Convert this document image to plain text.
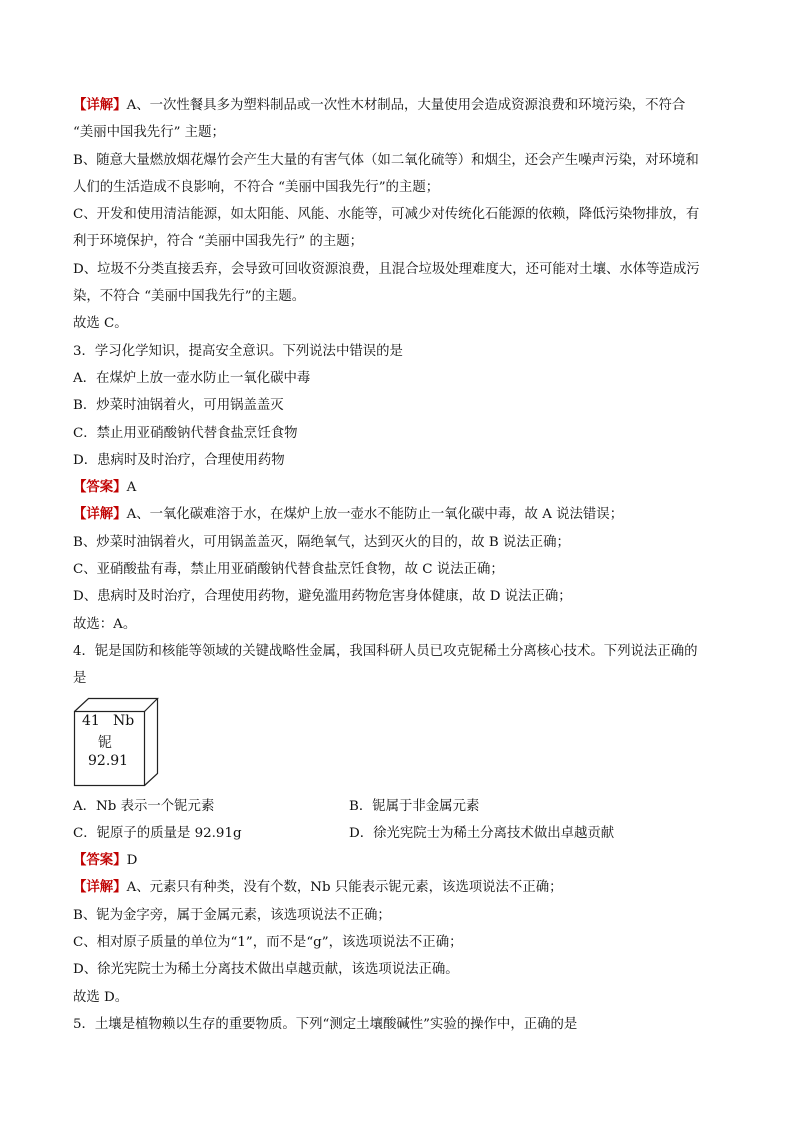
【详解】A、一次性餐具多为塑料制品或一次性木材制品，大量使用会造成资源浪费和环境污染，不符合
“美丽中国我先行” 主题；
B、随意大量燃放烟花爆竹会产生大量的有害气体（如二氧化硫等）和烟尘，还会产生噪声污染，对环境和
人们的生活造成不良影响，不符合 “美丽中国我先行”的主题；
C、开发和使用清洁能源，如太阳能、风能、水能等，可减少对传统化石能源的依赖，降低污染物排放，有
利于环境保护，符合 “美丽中国我先行” 的主题；
D、垃圾不分类直接丢弃，会导致可回收资源浪费，且混合垃圾处理难度大，还可能对土壤、水体等造成污
染，不符合 “美丽中国我先行”的主题。
故选 C。
3．学习化学知识，提高安全意识。下列说法中错误的是
A．在煤炉上放一壶水防止一氧化碳中毒
B．炒菜时油锅着火，可用锅盖盖灭
C．禁止用亚硝酸钠代替食盐烹饪食物
D．患病时及时治疗，合理使用药物
【答案】A
【详解】A、一氧化碳难溶于水，在煤炉上放一壶水不能防止一氧化碳中毒，故 A 说法错误；
B、炒菜时油锅着火，可用锅盖盖灭，隔绝氧气，达到灭火的目的，故 B 说法正确；
C、亚硝酸盐有毒，禁止用亚硝酸钠代替食盐烹饪食物，故 C 说法正确；
D、患病时及时治疗，合理使用药物，避免滥用药物危害身体健康，故 D 说法正确；
故选：A。
4．铌是国防和核能等领域的关键战略性金属，我国科研人员已攻克铌稀土分离核心技术。下列说法正确的
是
41 Nb
铌
92.91
A．Nb 表示一个铌元素	B．铌属于非金属元素
C．铌原子的质量是 92.91g	D．徐光宪院士为稀土分离技术做出卓越贡献
【答案】D
【详解】A、元素只有种类，没有个数，Nb 只能表示铌元素，该选项说法不正确；
B、铌为金字旁，属于金属元素，该选项说法不正确；
C、相对原子质量的单位为“1”，而不是“g”，该选项说法不正确；
D、徐光宪院士为稀土分离技术做出卓越贡献，该选项说法正确。
故选 D。
5．土壤是植物赖以生存的重要物质。下列“测定土壤酸碱性”实验的操作中，正确的是
